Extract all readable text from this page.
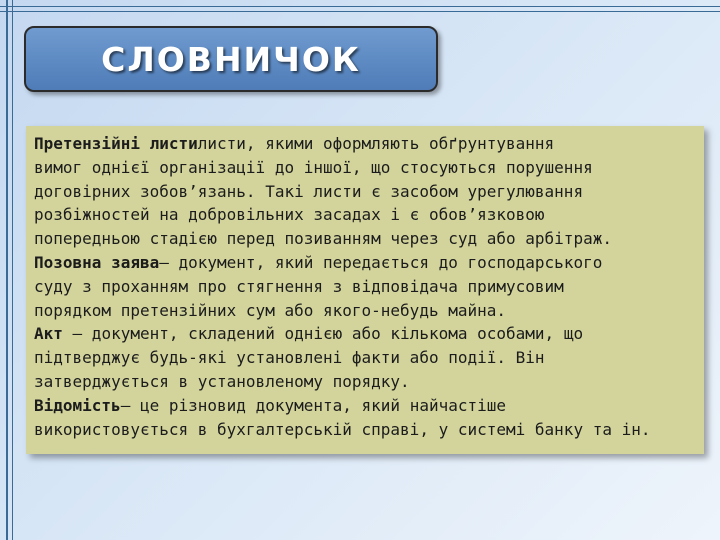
СЛОВНИЧОК
Претензійні листилисти, якими оформляють обґрунтування
вимог однієї організації до іншої, що стосуються порушення
договірних зобов’язань. Такі листи є засобом урегулювання
розбіжностей на добровільних засадах і є обов’язковою
попередньою стадією перед позиванням через суд або арбітраж.
Позовна заява– документ, який передається до господарського
суду з проханням про стягнення з відповідача примусовим
порядком претензійних сум або якого-небудь майна.
Акт – документ, складений однією або кількома особами, що
підтверджує будь-які установлені факти або події. Він
затверджується в установленому порядку.
Відомість– це різновид документа, який найчастіше
використовується в бухгалтерській справі, у системі банку та ін.
